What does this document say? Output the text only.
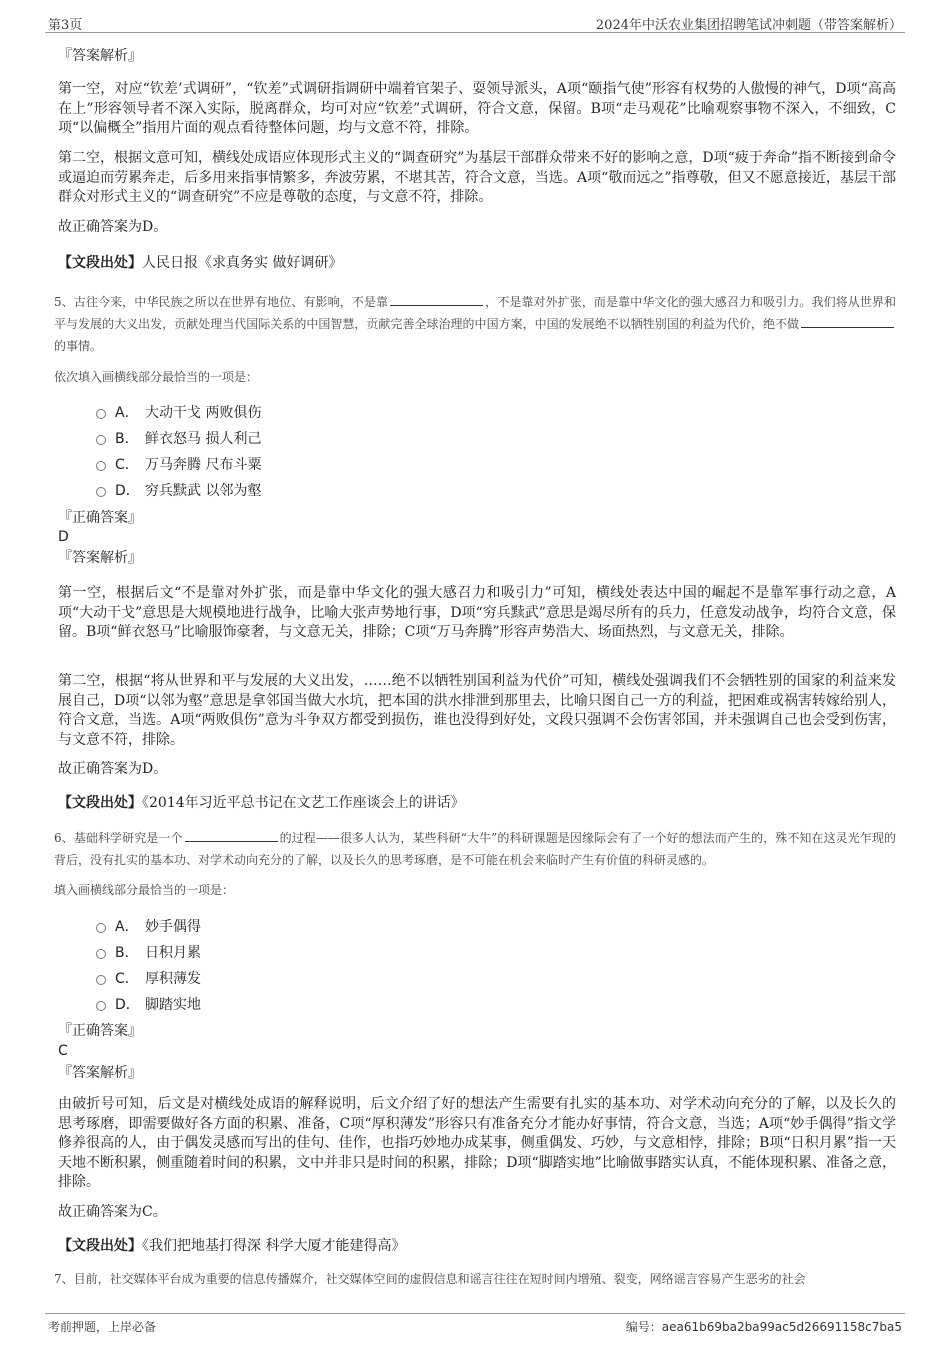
第3页	2024年中沃农业集团招聘笔试冲刺题（带答案解析）
『答案解析』
第一空，对应“钦差’式调研”，“钦差”式调研指调研中端着官架子、耍领导派头，A项“颐指气使”形容有权势的人傲慢的神气，D项“高高在上”形容领导者不深入实际，脱离群众，均可对应“钦差”式调研，符合文意，保留。B项“走马观花”比喻观察事物不深入，不细致，C项“以偏概全”指用片面的观点看待整体问题，均与文意不符，排除。
第二空，根据文意可知，横线处成语应体现形式主义的“调查研究”为基层干部群众带来不好的影响之意，D项“疲于奔命”指不断接到命令或逼迫而劳累奔走，后多用来指事情繁多，奔波劳累，不堪其苦，符合文意，当选。A项“敬而远之”指尊敬，但又不愿意接近，基层干部群众对形式主义的“调查研究”不应是尊敬的态度，与文意不符，排除。
故正确答案为D。
【文段出处】人民日报《求真务实 做好调研》
5、古往今来，中华民族之所以在世界有地位、有影响，不是靠	，不是靠对外扩张，而是靠中华文化的强大感召力和吸引力。我们将从世界和平与发展的大义出发，贡献处理当代国际关系的中国智慧，贡献完善全球治理的中国方案，中国的发展绝不以牺牲别国的利益为代价，绝不做的事情。
依次填入画横线部分最恰当的一项是：
A． 大动干戈 两败俱伤
B． 鲜衣怒马 损人利己
C． 万马奔腾 尺布斗粟
D． 穷兵黩武 以邻为壑
『正确答案』
D
『答案解析』
第一空，根据后文“不是靠对外扩张，而是靠中华文化的强大感召力和吸引力”可知，横线处表达中国的崛起不是靠军事行动之意，A项“大动干戈”意思是大规模地进行战争，比喻大张声势地行事，D项“穷兵黩武”意思是竭尽所有的兵力，任意发动战争，均符合文意，保留。B项“鲜衣怒马”比喻服饰豪奢，与文意无关，排除；C项“万马奔腾”形容声势浩大、场面热烈，与文意无关，排除。
第二空，根据“将从世界和平与发展的大义出发，……绝不以牺牲别国利益为代价”可知，横线处强调我们不会牺牲别的国家的利益来发展自己，D项“以邻为壑”意思是拿邻国当做大水坑，把本国的洪水排泄到那里去，比喻只图自己一方的利益，把困难或祸害转嫁给别人，符合文意，当选。A项“两败俱伤”意为斗争双方都受到损伤，谁也没得到好处，文段只强调不会伤害邻国，并未强调自己也会受到伤害，与文意不符，排除。
故正确答案为D。
【文段出处】《2014年习近平总书记在文艺工作座谈会上的讲话》
6、基础科学研究是一个	的过程——很多人认为，某些科研“大牛”的科研课题是因缘际会有了一个好的想法而产生的，殊不知在这灵光乍现的背后，没有扎实的基本功、对学术动向充分的了解，以及长久的思考琢磨，是不可能在机会来临时产生有价值的科研灵感的。
填入画横线部分最恰当的一项是：
A． 妙手偶得
B． 日积月累
C． 厚积薄发
D． 脚踏实地
『正确答案』
C
『答案解析』
由破折号可知，后文是对横线处成语的解释说明，后文介绍了好的想法产生需要有扎实的基本功、对学术动向充分的了解，以及长久的思考琢磨，即需要做好各方面的积累、准备，C项“厚积薄发”形容只有准备充分才能办好事情，符合文意，当选；A项“妙手偶得”指文学修养很高的人，由于偶发灵感而写出的佳句、佳作，也指巧妙地办成某事，侧重偶发、巧妙，与文意相悖，排除；B项“日积月累”指一天天地不断积累，侧重随着时间的积累，文中并非只是时间的积累，排除；D项“脚踏实地”比喻做事踏实认真，不能体现积累、准备之意，排除。
故正确答案为C。
【文段出处】《我们把地基打得深 科学大厦才能建得高》
7、目前，社交媒体平台成为重要的信息传播媒介，社交媒体空间的虚假信息和谣言往往在短时间内增殖、裂变，网络谣言容易产生恶劣的社会
考前押题，上岸必备	编号：aea61b69ba2ba99ac5d26691158c7ba5
